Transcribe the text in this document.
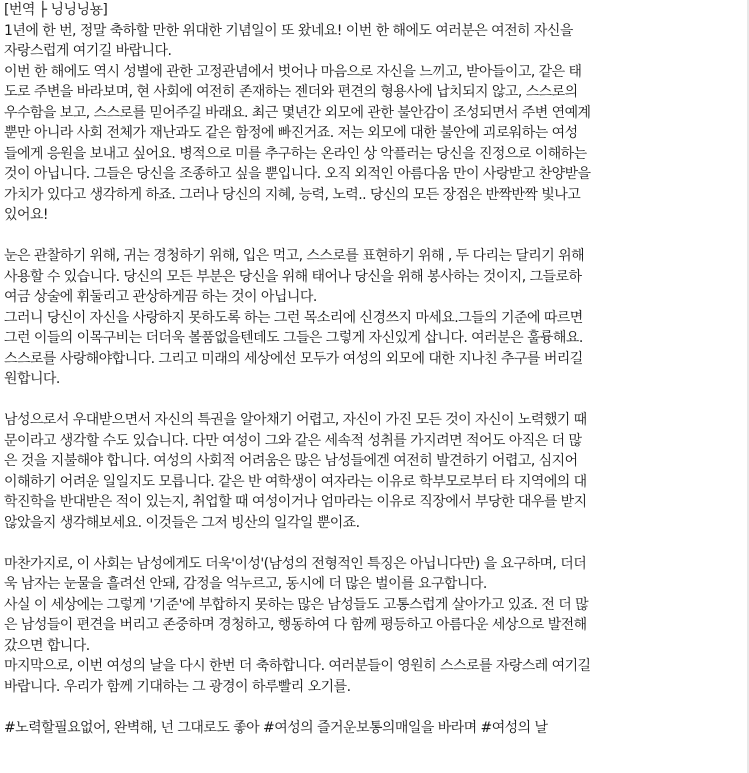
[번역 ├ 닝닝닝뇽]
1년에 한 번, 정말 축하할 만한 위대한 기념일이 또 왔네요! 이번 한 해에도 여러분은 여전히 자신을
자랑스럽게 여기길 바랍니다.
이번 한 해에도 역시 성별에 관한 고정관념에서 벗어나 마음으로 자신을 느끼고, 받아들이고, 같은 태
도로 주변을 바라보며, 현 사회에 여전히 존재하는 젠더와 편견의 형용사에 납치되지 않고, 스스로의
우수함을 보고, 스스로를 믿어주길 바래요. 최근 몇년간 외모에 관한 불안감이 조성되면서 주변 연예계
뿐만 아니라 사회 전체가 재난과도 같은 함정에 빠진거죠. 저는 외모에 대한 불안에 괴로워하는 여성
들에게 응원을 보내고 싶어요. 병적으로 미를 추구하는 온라인 상 악플러는 당신을 진정으로 이해하는
것이 아닙니다. 그들은 당신을 조종하고 싶을 뿐입니다. 오직 외적인 아름다움 만이 사랑받고 찬양받을
가치가 있다고 생각하게 하죠. 그러나 당신의 지혜, 능력, 노력.. 당신의 모든 장점은 반짝반짝 빛나고
있어요!
눈은 관찰하기 위해, 귀는 경청하기 위해, 입은 먹고, 스스로를 표현하기 위해 , 두 다리는 달리기 위해
사용할 수 있습니다. 당신의 모든 부분은 당신을 위해 태어나 당신을 위해 봉사하는 것이지, 그들로하
여금 상술에 휘둘리고 관상하게끔 하는 것이 아닙니다.
그러니 당신이 자신을 사랑하지 못하도록 하는 그런 목소리에 신경쓰지 마세요.그들의 기준에 따르면
그런 이들의 이목구비는 더더욱 볼품없을텐데도 그들은 그렇게 자신있게 삽니다. 여러분은 훌륭해요.
스스로를 사랑해야합니다. 그리고 미래의 세상에선 모두가 여성의 외모에 대한 지나친 추구를 버리길
원합니다.
남성으로서 우대받으면서 자신의 특권을 알아채기 어렵고, 자신이 가진 모든 것이 자신이 노력했기 때
문이라고 생각할 수도 있습니다. 다만 여성이 그와 같은 세속적 성취를 가지려면 적어도 아직은 더 많
은 것을 지불해야 합니다. 여성의 사회적 어려움은 많은 남성들에겐 여전히 발견하기 어렵고, 심지어
이해하기 어려운 일일지도 모릅니다. 같은 반 여학생이 여자라는 이유로 학부모로부터 타 지역에의 대
학진학을 반대받은 적이 있는지, 취업할 때 여성이거나 엄마라는 이유로 직장에서 부당한 대우를 받지
않았을지 생각해보세요. 이것들은 그저 빙산의 일각일 뿐이죠.
마찬가지로, 이 사회는 남성에게도 더욱'이성'(남성의 전형적인 특징은 아닙니다만) 을 요구하며, 더더
욱 남자는 눈물을 흘려선 안돼, 감정을 억누르고, 동시에 더 많은 벌이를 요구합니다.
사실 이 세상에는 그렇게 '기준'에 부합하지 못하는 많은 남성들도 고통스럽게 살아가고 있죠. 전 더 많
은 남성들이 편견을 버리고 존중하며 경청하고, 행동하여 다 함께 평등하고 아름다운 세상으로 발전해
갔으면 합니다.
마지막으로, 이번 여성의 날을 다시 한번 더 축하합니다. 여러분들이 영원히 스스로를 자랑스레 여기길
바랍니다. 우리가 함께 기대하는 그 광경이 하루빨리 오기를.
#노력할필요없어, 완벽해, 넌 그대로도 좋아 #여성의 즐거운보통의매일을 바라며 #여성의 날
